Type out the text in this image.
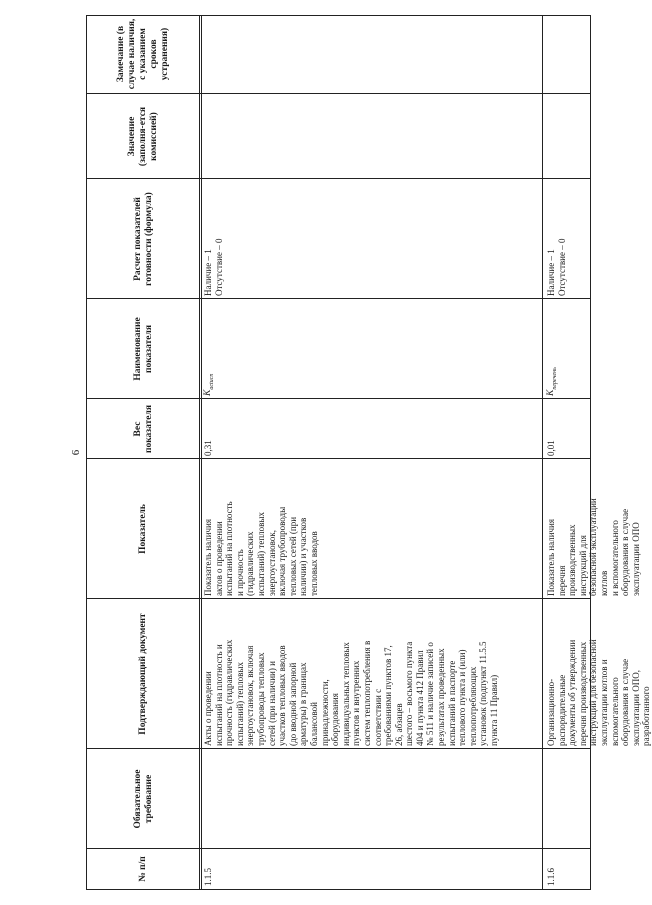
6
№ п/п
Обязательное требование
Подтверждающий документ
Показатель
Вес показателя
Наименование показателя
Расчет показателей готовности (формула)
Значение (заполня-ется комиссией)
Замечание (в случае наличия, с указанием сроков устранения)
1.1.5
Акты о проведении испытаний на плотность и прочность (гидравлических испытаний) тепловых энергоустановок, включая трубопроводы тепловых сетей (при наличии) и участков тепловых вводов (до вводной запорной арматуры) в границах балансовой принадлежности, оборудования индивидуальных тепловых пунктов и внутренних систем теплопотребления в соответствии с требованиями пунктов 17, 26, абзацев шестого – восьмого пункта 404 и пункта 412 Правил № 511 и наличие записей о результатах проведенных испытаний в паспорте теплового пункта и (или) теплопотребляющих установок (подпункт 11.5.5 пункта 11 Правил)
Показатель наличия актов о проведении испытаний на плотность и прочность (гидравлических испытаний) тепловых энергоустановок, включая трубопроводы тепловых сетей (при наличии) и участков тепловых вводов
0,31
$K_{actисп}$
Наличие – 1 Отсутствие – 0
1.1.6
Организационно- распорядительные документы об утверждении перечня производственных инструкций для безопасной эксплуатации котлов и вспомогательного оборудования в случае эксплуатации ОПО, разработанного
Показатель наличия перечня производственных инструкций для безопасной эксплуатации котлов и вспомогательного оборудования в случае эксплуатации ОПО
0,01
$K_{перечень}$
Наличие – 1 Отсутствие – 0
